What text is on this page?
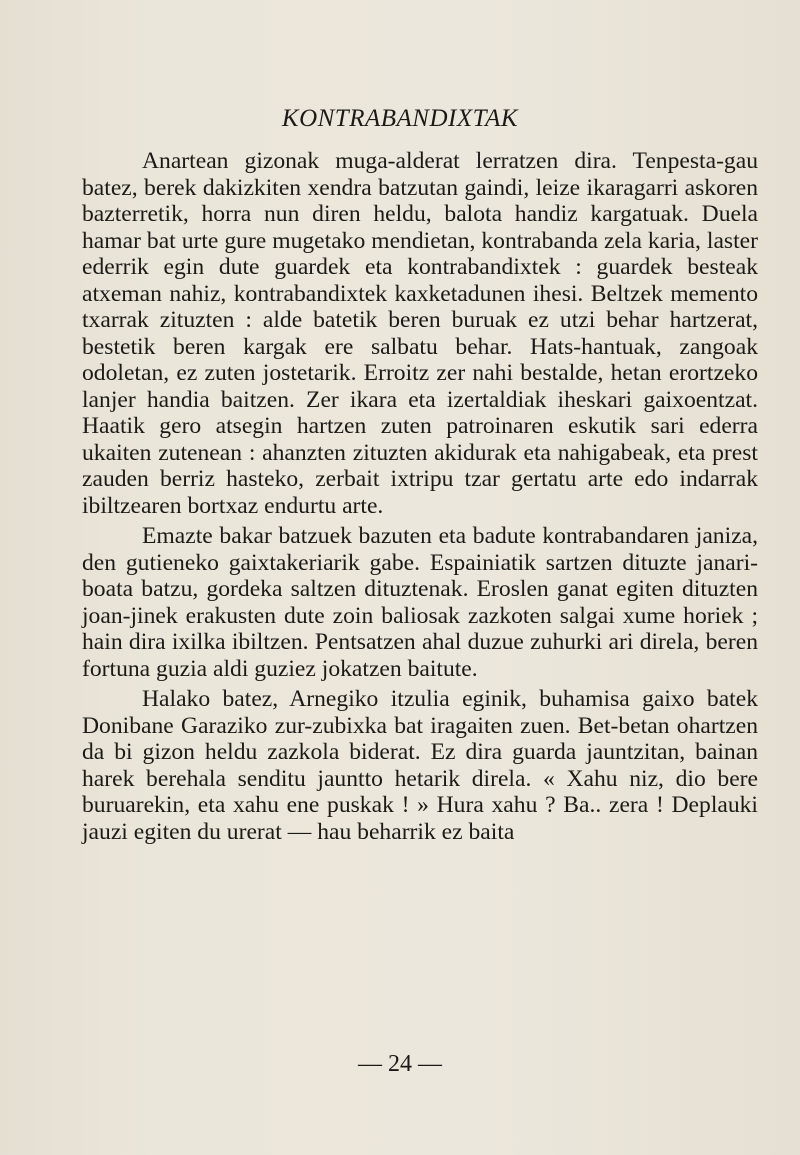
KONTRABANDIXTAK

Anartean gizonak muga-alderat lerratzen dira. Tenpesta-gau batez, berek dakizkiten xendra batzutan gaindi, leize ikaragarri askoren bazterretik, horra nun diren heldu, balota handiz kargatuak. Duela hamar bat urte gure mugetako mendietan, kontrabanda zela karia, laster ederrik egin dute guardek eta kontrabandixtek : guardek besteak atxeman nahiz, kontrabandixtek kaxketadunen ihesi. Beltzek memento txarrak zituzten : alde batetik beren buruak ez utzi behar hartzerat, bestetik beren kargak ere salbatu behar. Hats-hantuak, zangoak odoletan, ez zuten jostetarik. Erroitz zer nahi bestalde, hetan erortzeko lanjer handia baitzen. Zer ikara eta izertaldiak iheskari gaixoentzat. Haatik gero atsegin hartzen zuten patroinaren eskutik sari ederra ukaiten zutenean : ahanzten zituzten akidurak eta nahigabeak, eta prest zauden berriz hasteko, zerbait ixtripu tzar gertatu arte edo indarrak ibiltzearen bortxaz endurtu arte.

Emazte bakar batzuek bazuten eta badute kontrabandaren janiza, den gutieneko gaixtakeriarik gabe. Espainiatik sartzen dituzte janari-boata batzu, gordeka saltzen dituztenak. Eroslen ganat egiten dituzten joan-jinek erakusten dute zoin baliosak zazkoten salgai xume horiek ; hain dira ixilka ibiltzen. Pentsatzen ahal duzue zuhurki ari direla, beren fortuna guzia aldi guziez jokatzen baitute.

Halako batez, Arnegiko itzulia eginik, buhamisa gaixo batek Donibane Garaziko zur-zubixka bat iragaiten zuen. Bet-betan ohartzen da bi gizon heldu zazkola biderat. Ez dira guarda jauntzitan, bainan harek berehala senditu jauntto hetarik direla. « Xahu niz, dio bere buruarekin, eta xahu ene puskak ! » Hura xahu ? Ba.. zera ! Deplauki jauzi egiten du urerat — hau beharrik ez baita

— 24 —
